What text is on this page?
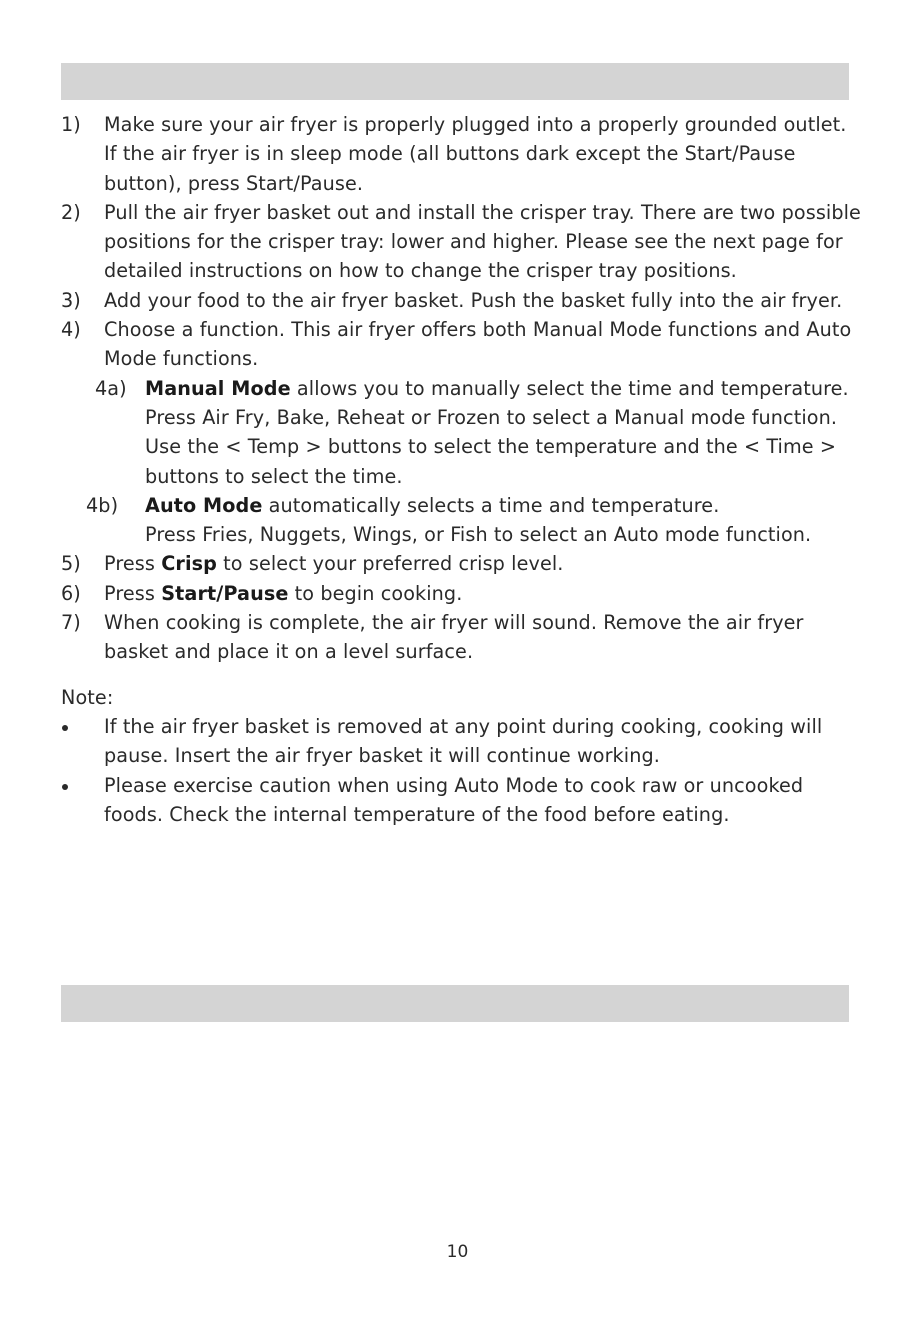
1) Make sure your air fryer is properly plugged into a properly grounded outlet. If the air fryer is in sleep mode (all buttons dark except the Start/Pause button), press Start/Pause.

2) Pull the air fryer basket out and install the crisper tray. There are two possible positions for the crisper tray: lower and higher. Please see the next page for detailed instructions on how to change the crisper tray positions.

3) Add your food to the air fryer basket. Push the basket fully into the air fryer.

4) Choose a function. This air fryer offers both Manual Mode functions and Auto Mode functions.

4a) Manual Mode allows you to manually select the time and temperature.

Press Air Fry, Bake, Reheat or Frozen to select a Manual mode function. Use the < Temp > buttons to select the temperature and the < Time > buttons to select the time.

4b) Auto Mode automatically selects a time and temperature.

Press Fries, Nuggets, Wings, or Fish to select an Auto mode function.

5) Press Crisp to select your preferred crisp level.

6) Press Start/Pause to begin cooking.

7) When cooking is complete, the air fryer will sound. Remove the air fryer basket and place it on a level surface.

Note:

If the air fryer basket is removed at any point during cooking, cooking will pause. Insert the air fryer basket it will continue working.

Please exercise caution when using Auto Mode to cook raw or uncooked foods. Check the internal temperature of the food before eating.

10
